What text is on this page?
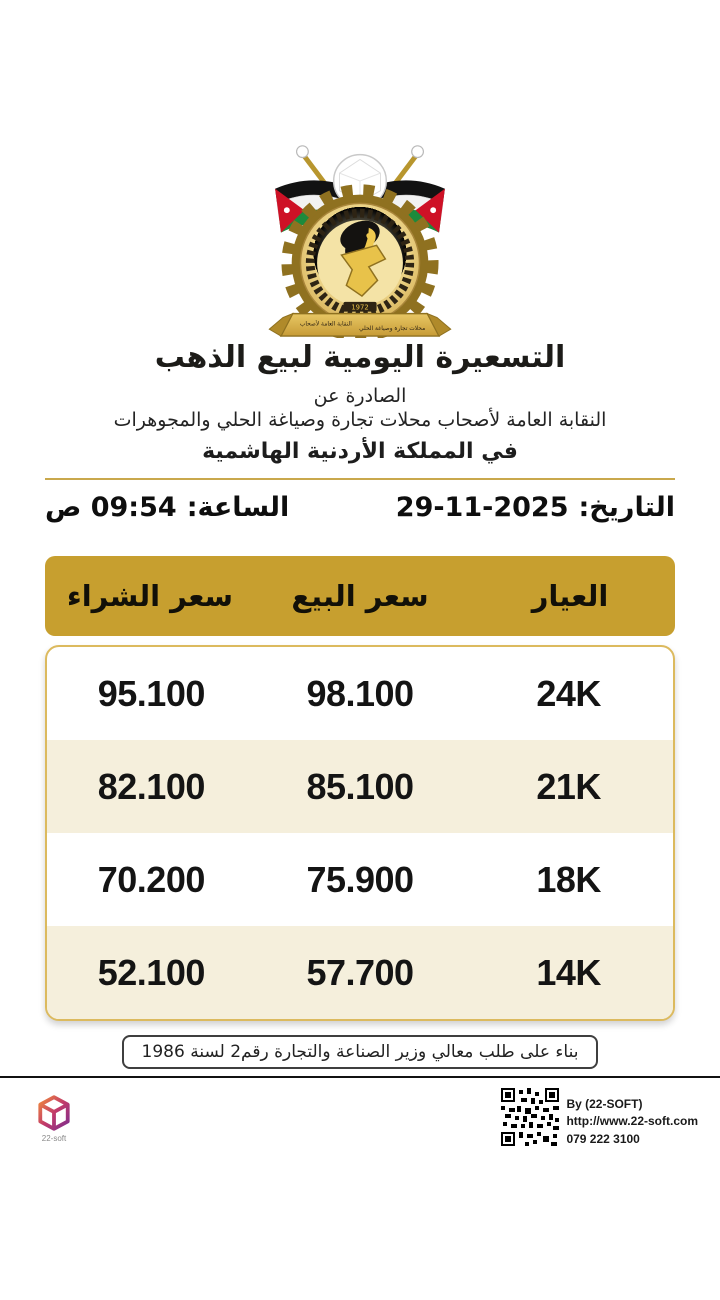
1972
النقابة العامة لأصحاب
محلات تجارة وصياغة الحلي
التسعيرة اليومية لبيع الذهب
الصادرة عن
النقابة العامة لأصحاب محلات تجارة وصياغة الحلي والمجوهرات
في المملكة الأردنية الهاشمية
التاريخ:
29-11-2025
الساعة:
09:54 ص
العيار
سعر البيع
سعر الشراء
24K
98.100
95.100
21K
85.100
82.100
18K
75.900
70.200
14K
57.700
52.100
بناء على طلب معالي وزير الصناعة والتجارة رقم2 لسنة 1986
22-soft
By (22-SOFT)
http://www.22-soft.com
079 222 3100
